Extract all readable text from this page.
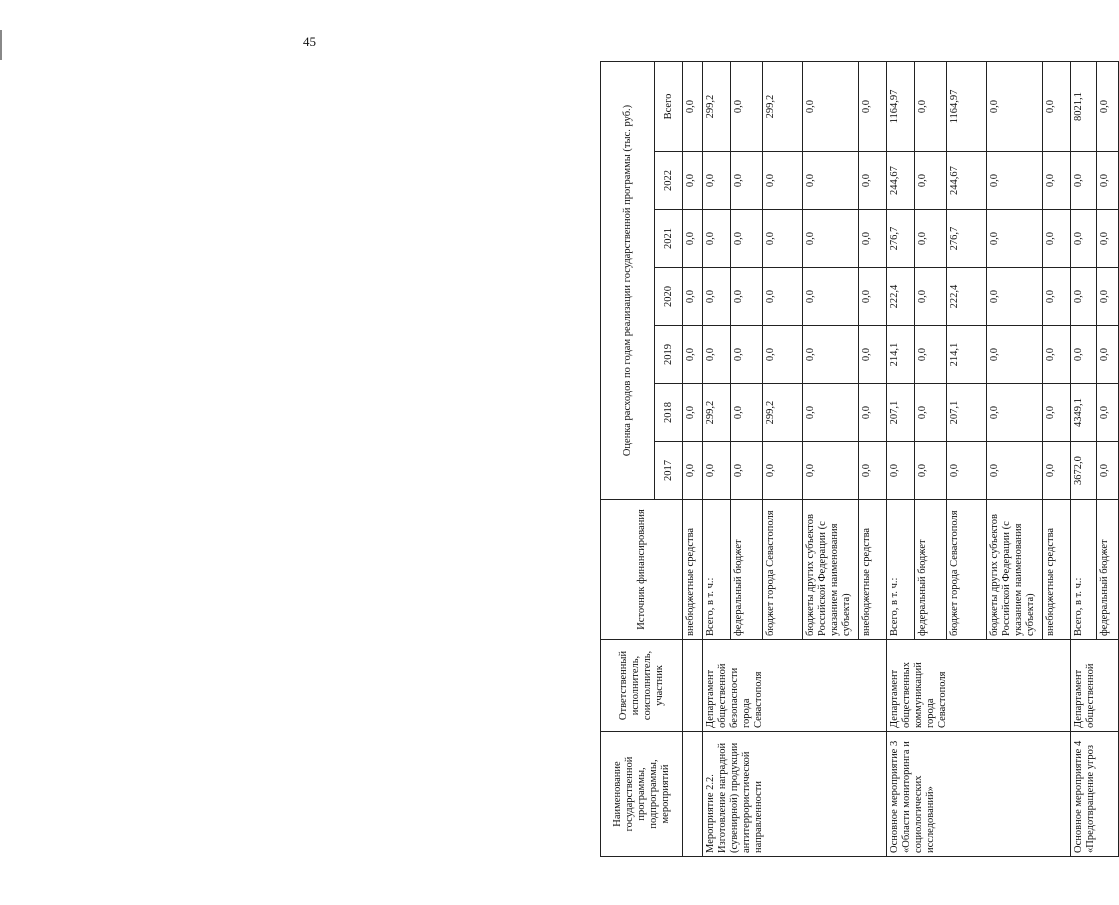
45
Наименование государственной программы, подпрограммы, мероприятий	Ответственный исполнитель, соисполнитель, участник	Источник финансирования	Оценка расходов по годам реализации государственной программы (тыс. руб.)						
			2017	2018	2019	2020	2021	2022	Всего
		внебюджетные средства	0,0	0,0	0,0	0,0	0,0	0,0	0,0
Мероприятие 2.2. Изготовление наградной (сувенирной) продукции антитеррористической направленности	Департамент общественной безопасности города Севастополя	Всего, в т. ч.:	0,0	299,2	0,0	0,0	0,0	0,0	299,2
		федеральный бюджет	0,0	0,0	0,0	0,0	0,0	0,0	0,0
		бюджет города Севастополя	0,0	299,2	0,0	0,0	0,0	0,0	299,2
		бюджеты других субъектов Российской Федерации (с указанием наименования субъекта)	0,0	0,0	0,0	0,0	0,0	0,0	0,0
		внебюджетные средства	0,0	0,0	0,0	0,0	0,0	0,0	0,0
Основное мероприятие 3 «Области мониторинга и социологических исследований»	Департамент общественных коммуникаций города Севастополя	Всего, в т. ч.:	0,0	207,1	214,1	222,4	276,7	244,67	1164,97
		федеральный бюджет	0,0	0,0	0,0	0,0	0,0	0,0	0,0
		бюджет города Севастополя	0,0	207,1	214,1	222,4	276,7	244,67	1164,97
		бюджеты других субъектов Российской Федерации (с указанием наименования субъекта)	0,0	0,0	0,0	0,0	0,0	0,0	0,0
		внебюджетные средства	0,0	0,0	0,0	0,0	0,0	0,0	0,0
Основное мероприятие 4 «Предотвращение угроз	Департамент общественной	Всего, в т. ч.:	3672,0	4349,1	0,0	0,0	0,0	0,0	8021,1
		федеральный бюджет	0,0	0,0	0,0	0,0	0,0	0,0	0,0
